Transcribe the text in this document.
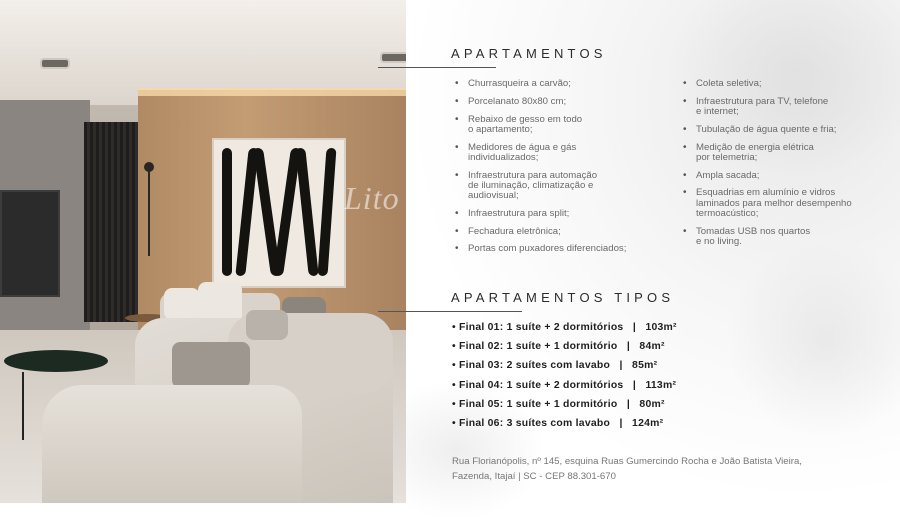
Lito
APARTAMENTOS
• Churrasqueira a carvão;
• Porcelanato 80x80 cm;
• Rebaixo de gesso em todo
o apartamento;
• Medidores de água e gás
individualizados;
• Infraestrutura para automação
de iluminação, climatização e
audiovisual;
• Infraestrutura para split;
• Fechadura eletrônica;
• Portas com puxadores diferenciados;
• Coleta seletiva;
• Infraestrutura para TV, telefone
e internet;
• Tubulação de água quente e fria;
• Medição de energia elétrica
por telemetria;
• Ampla sacada;
• Esquadrias em alumínio e vidros
laminados para melhor desempenho
termoacústico;
• Tomadas USB nos quartos
e no living.
APARTAMENTOS TIPOS
• Final 01: 1 suíte + 2 dormitórios   |   103m²
• Final 02: 1 suíte + 1 dormitório   |   84m²
• Final 03: 2 suítes com lavabo   |   85m²
• Final 04: 1 suíte + 2 dormitórios   |   113m²
• Final 05: 1 suíte + 1 dormitório   |   80m²
• Final 06: 3 suítes com lavabo   |   124m²
Rua Florianópolis, nº 145, esquina Ruas Gumercindo Rocha e João Batista Vieira,
Fazenda, Itajaí | SC - CEP 88.301-670
